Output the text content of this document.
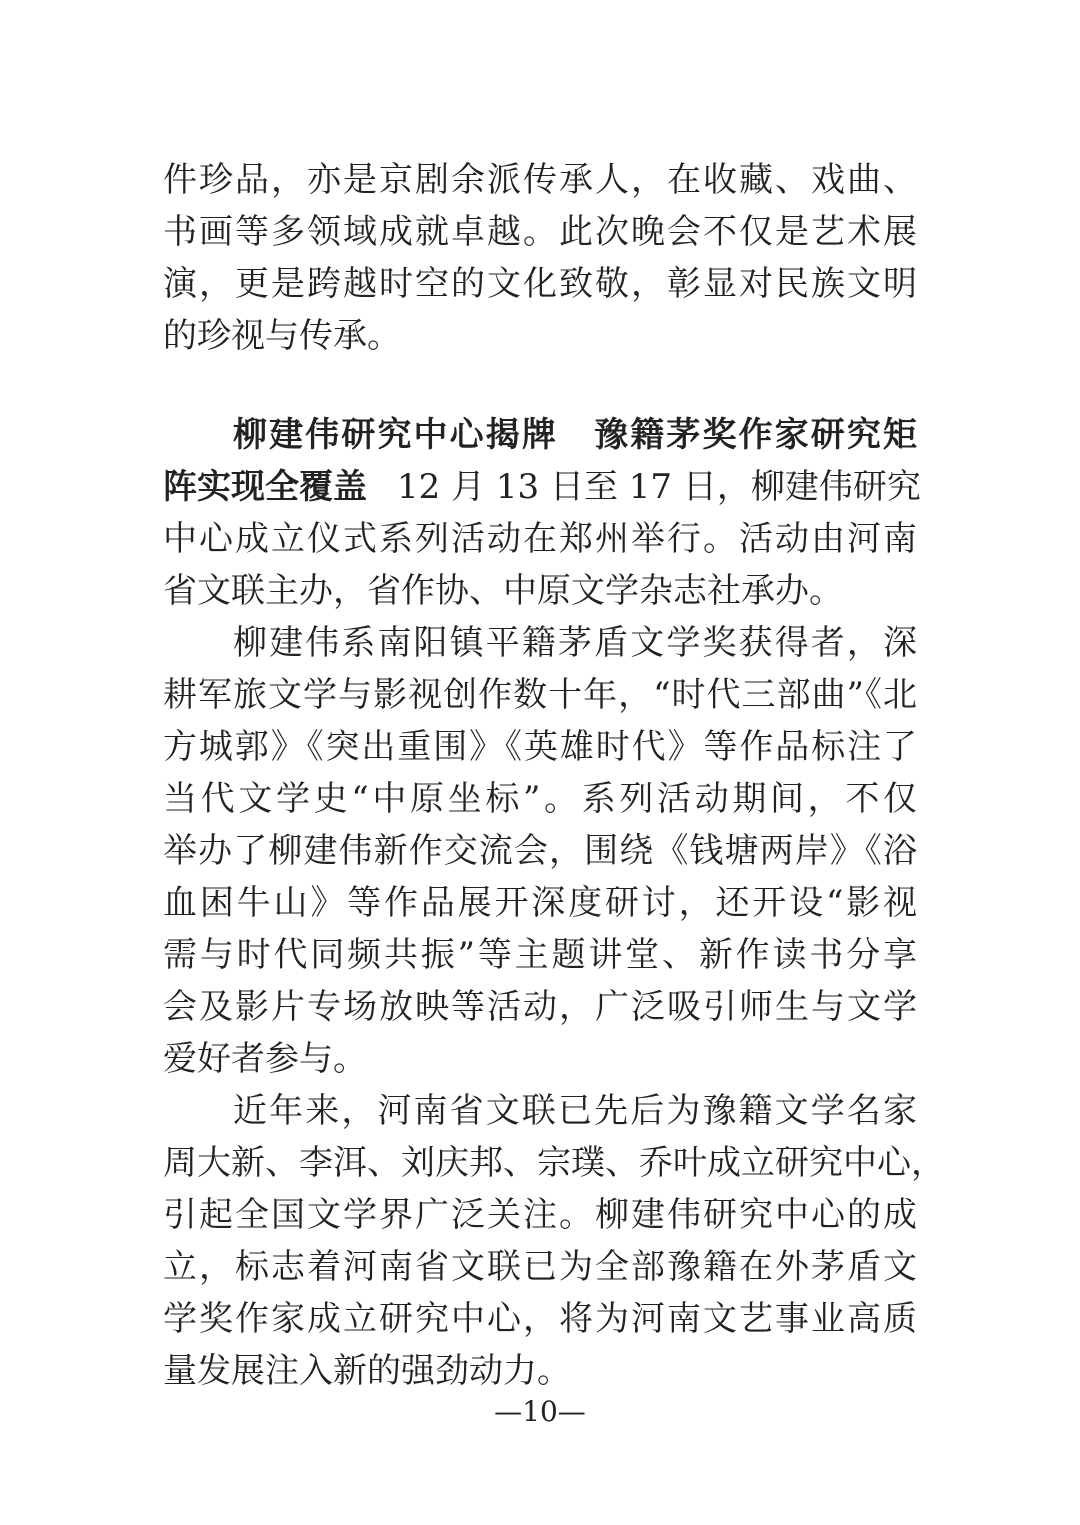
件珍品，亦是京剧余派传承人，在收藏、戏曲、
书画等多领域成就卓越。此次晚会不仅是艺术展
演，更是跨越时空的文化致敬，彰显对民族文明
的珍视与传承。
柳建伟研究中心揭牌　豫籍茅奖作家研究矩
阵实现全覆盖 12 月 13 日至 17 日，柳建伟研究
中心成立仪式系列活动在郑州举行。活动由河南
省文联主办，省作协、中原文学杂志社承办。
柳建伟系南阳镇平籍茅盾文学奖获得者，深
耕军旅文学与影视创作数十年，“时代三部曲”《北
方城郭》《突出重围》《英雄时代》等作品标注了
当代文学史“中原坐标”。系列活动期间，不仅
举办了柳建伟新作交流会，围绕《钱塘两岸》《浴
血困牛山》等作品展开深度研讨，还开设“影视
需与时代同频共振”等主题讲堂、新作读书分享
会及影片专场放映等活动，广泛吸引师生与文学
爱好者参与。
近年来，河南省文联已先后为豫籍文学名家
周大新、李洱、刘庆邦、宗璞、乔叶成立研究中心，
引起全国文学界广泛关注。柳建伟研究中心的成
立，标志着河南省文联已为全部豫籍在外茅盾文
学奖作家成立研究中心，将为河南文艺事业高质
量发展注入新的强劲动力。
—10—
